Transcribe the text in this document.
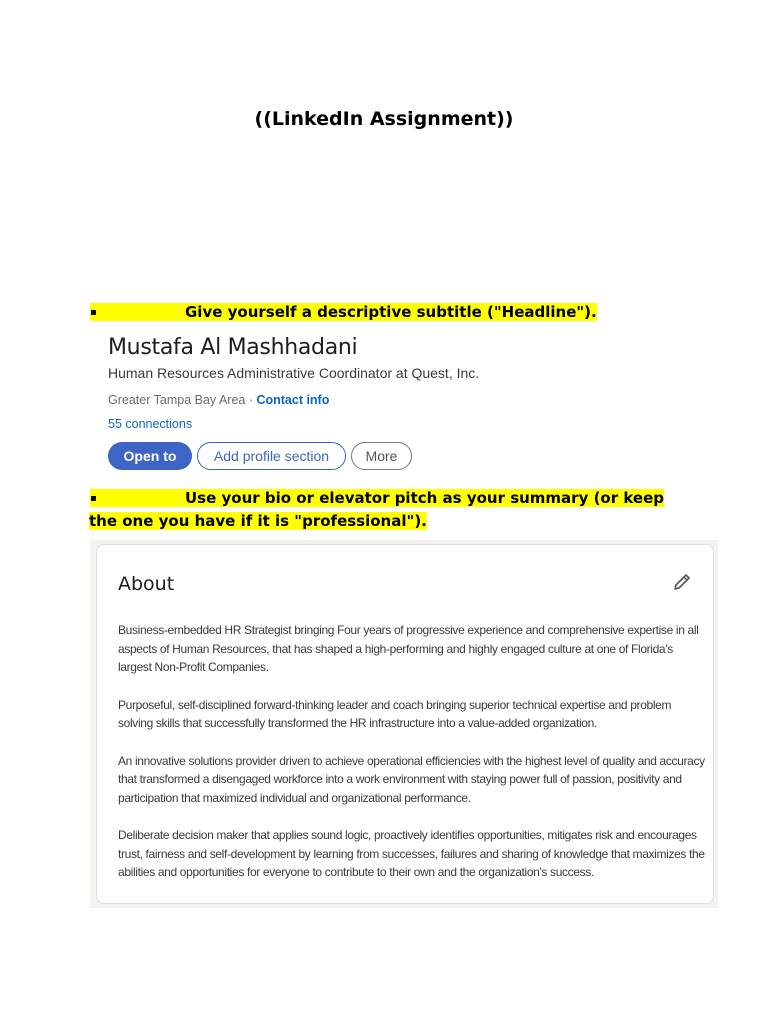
((LinkedIn Assignment))
▪	Give yourself a descriptive subtitle ("Headline").
Mustafa Al Mashhadani
Human Resources Administrative Coordinator at Quest, Inc.
Greater Tampa Bay Area · Contact info
55 connections
Open to	Add profile section	More
▪	Use your bio or elevator pitch as your summary (or keep
the one you have if it is "professional").
About

Business-embedded HR Strategist bringing Four years of progressive experience and comprehensive expertise in all aspects of Human Resources, that has shaped a high-performing and highly engaged culture at one of Florida's largest Non-Profit Companies.

Purposeful, self-disciplined forward-thinking leader and coach bringing superior technical expertise and problem solving skills that successfully transformed the HR infrastructure into a value-added organization.

An innovative solutions provider driven to achieve operational efficiencies with the highest level of quality and accuracy that transformed a disengaged workforce into a work environment with staying power full of passion, positivity and participation that maximized individual and organizational performance.

Deliberate decision maker that applies sound logic, proactively identifies opportunities, mitigates risk and encourages trust, fairness and self-development by learning from successes, failures and sharing of knowledge that maximizes the abilities and opportunities for everyone to contribute to their own and the organization's success.
